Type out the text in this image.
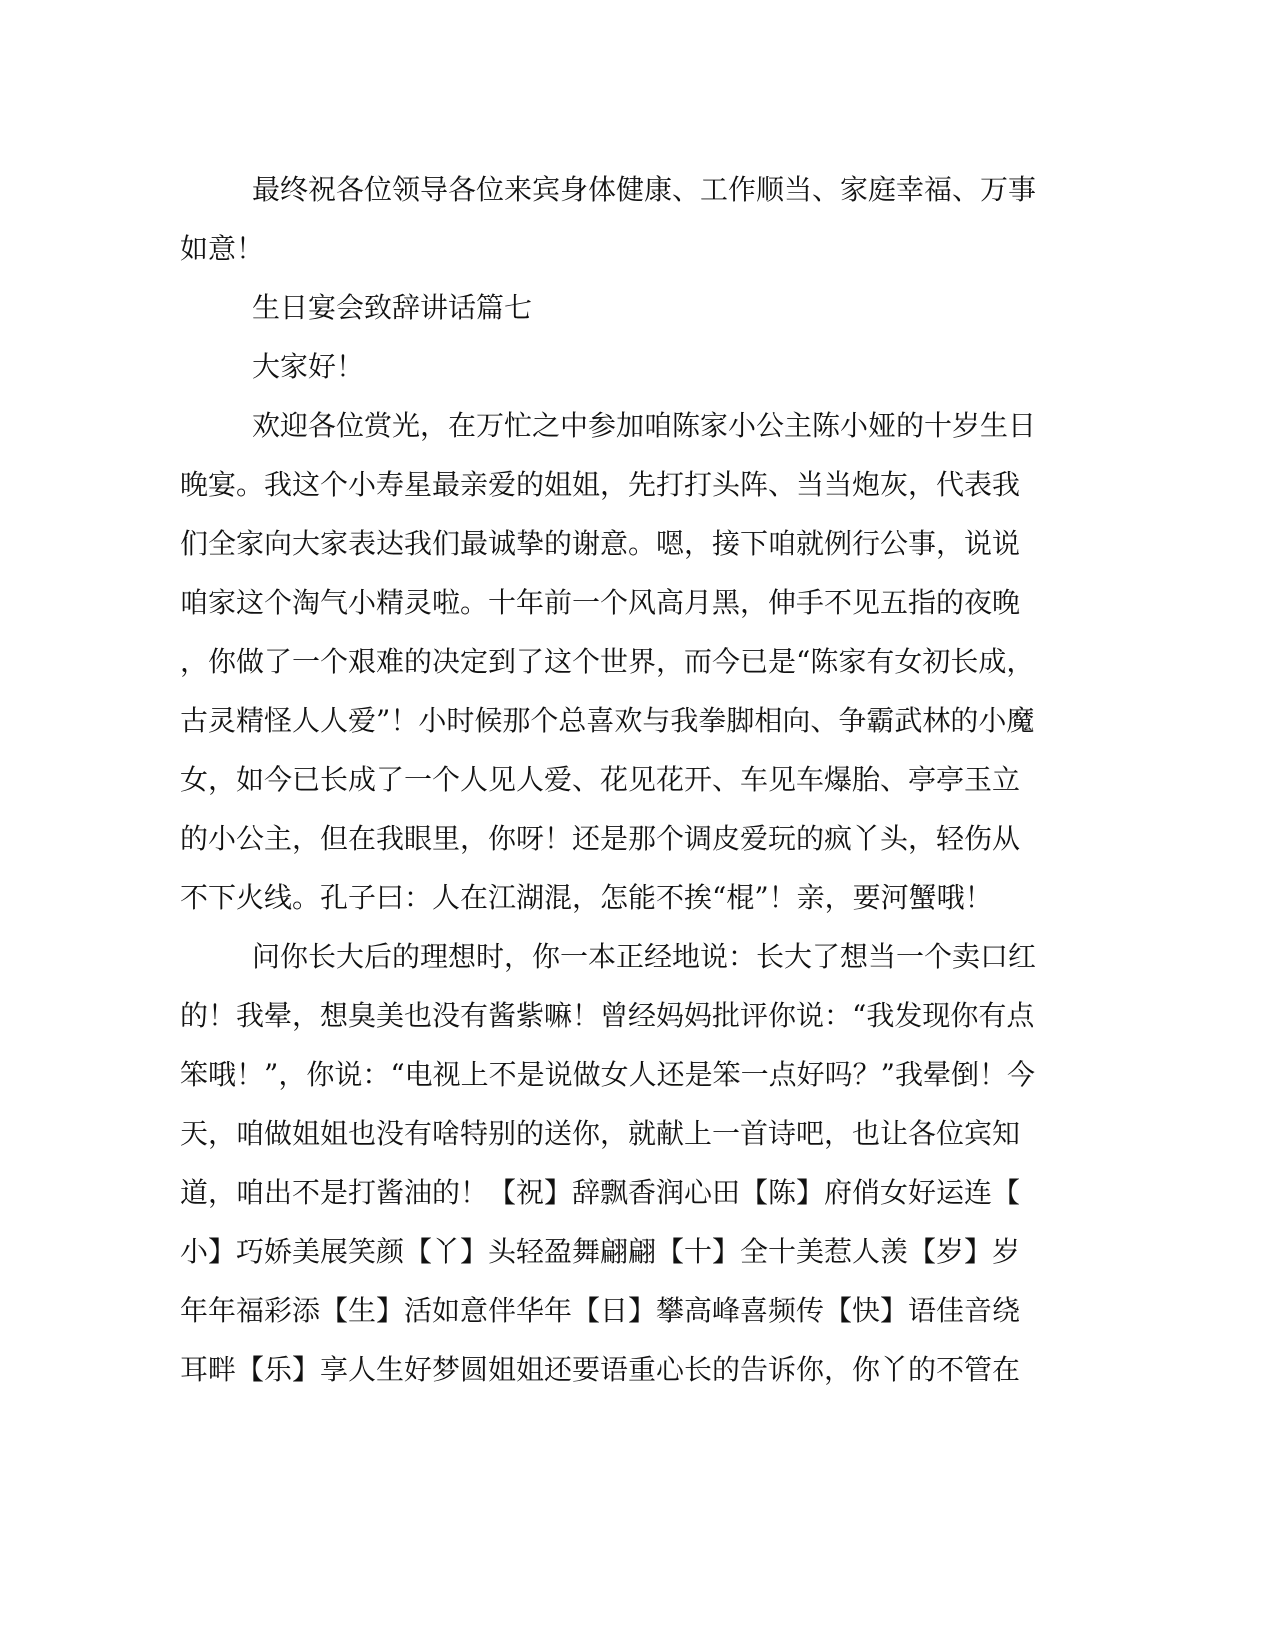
最终祝各位领导各位来宾身体健康、工作顺当、家庭幸福、万事
如意！
生日宴会致辞讲话篇七
大家好！
欢迎各位赏光，在万忙之中参加咱陈家小公主陈小娅的十岁生日
晚宴。我这个小寿星最亲爱的姐姐，先打打头阵、当当炮灰，代表我
们全家向大家表达我们最诚挚的谢意。嗯，接下咱就例行公事，说说
咱家这个淘气小精灵啦。十年前一个风高月黑，伸手不见五指的夜晚
，你做了一个艰难的决定到了这个世界，而今已是“陈家有女初长成，
古灵精怪人人爱”！小时候那个总喜欢与我拳脚相向、争霸武林的小魔
女，如今已长成了一个人见人爱、花见花开、车见车爆胎、亭亭玉立
的小公主，但在我眼里，你呀！还是那个调皮爱玩的疯丫头，轻伤从
不下火线。孔子曰：人在江湖混，怎能不挨“棍”！亲，要河蟹哦！
问你长大后的理想时，你一本正经地说：长大了想当一个卖口红
的！我晕，想臭美也没有酱紫嘛！曾经妈妈批评你说：“我发现你有点
笨哦！”，你说：“电视上不是说做女人还是笨一点好吗？”我晕倒！今
天，咱做姐姐也没有啥特别的送你，就献上一首诗吧，也让各位宾知
道，咱出不是打酱油的！【祝】辞飘香润心田【陈】府俏女好运连【
小】巧娇美展笑颜【丫】头轻盈舞翩翩【十】全十美惹人羡【岁】岁
年年福彩添【生】活如意伴华年【日】攀高峰喜频传【快】语佳音绕
耳畔【乐】享人生好梦圆姐姐还要语重心长的告诉你，你丫的不管在
